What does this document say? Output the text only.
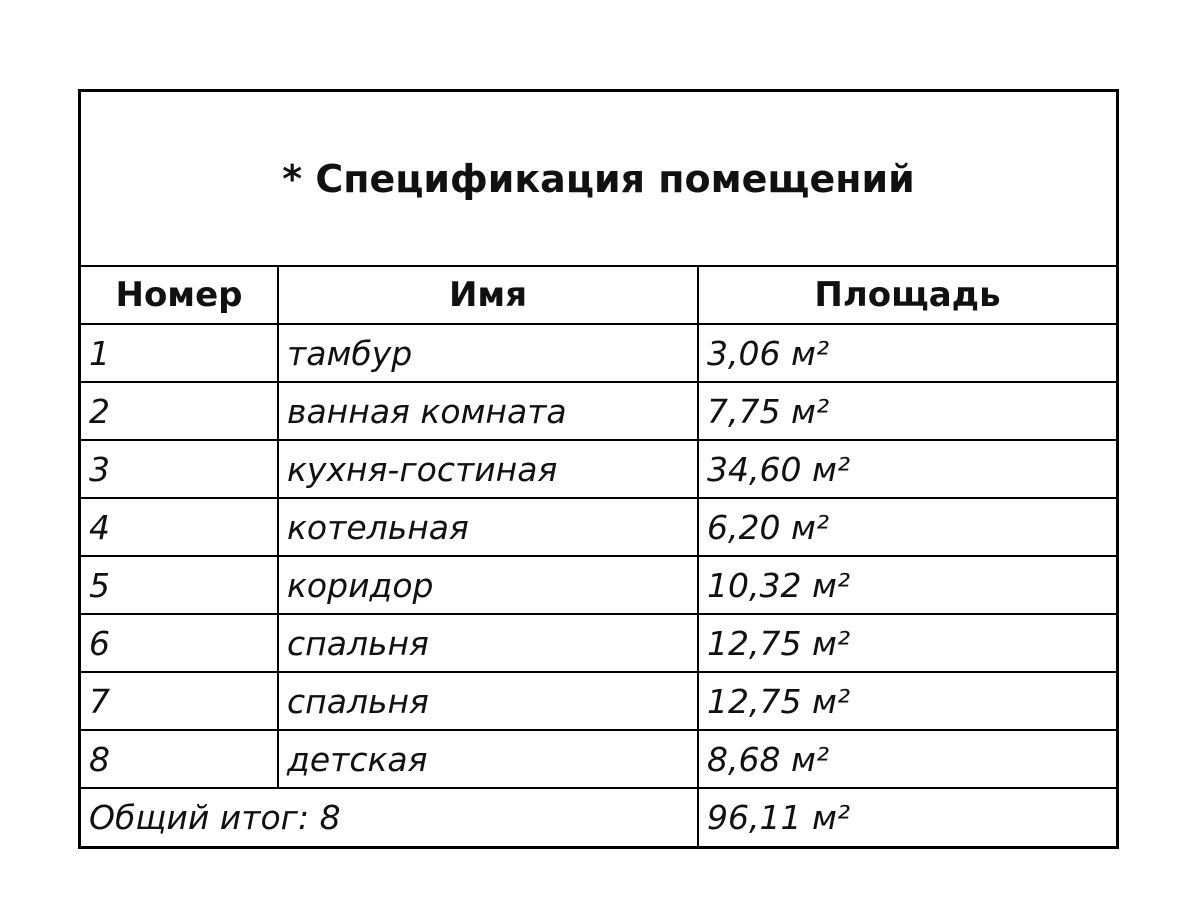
* Спецификация помещений
Номер	Имя	Площадь
1	тамбур	3,06 м²
2	ванная комната	7,75 м²
3	кухня-гостиная	34,60 м²
4	котельная	6,20 м²
5	коридор	10,32 м²
6	спальня	12,75 м²
7	спальня	12,75 м²
8	детская	8,68 м²
Общий итог: 8	96,11 м²
